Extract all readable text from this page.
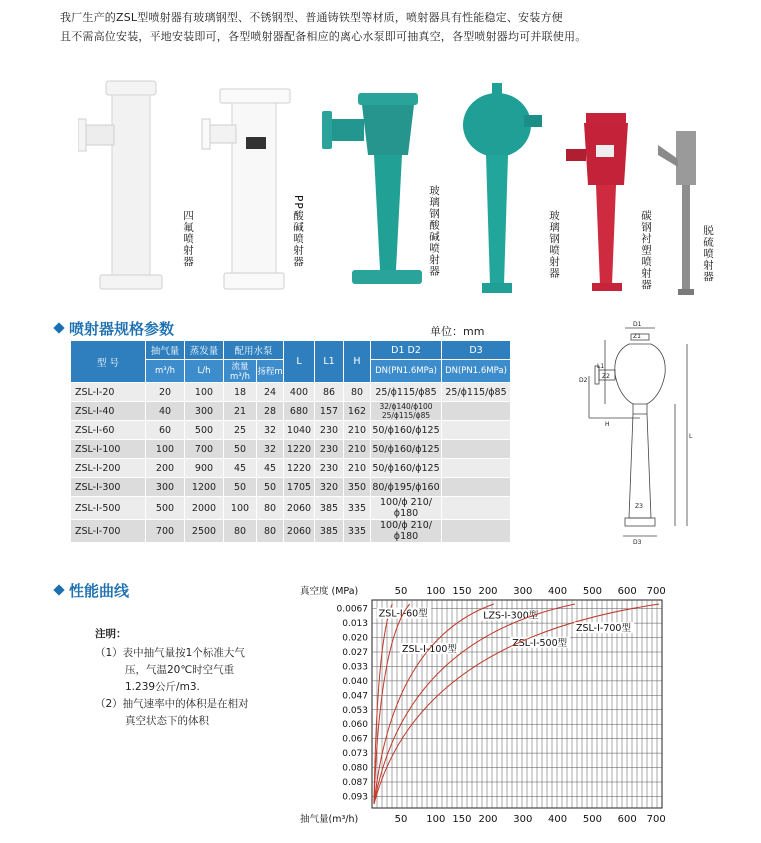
我厂生产的ZSL型喷射器有玻璃钢型、不锈钢型、普通铸铁型等材质，喷射器具有性能稳定、安装方便
且不需高位安装，平地安装即可，各型喷射器配备相应的离心水泵即可抽真空，各型喷射器均可并联使用。
四氟喷射器	PP酸碱喷射器	玻璃钢酸碱喷射器	玻璃钢喷射器	碳钢衬塑喷射器	脱硫喷射器
喷射器规格参数	单位：mm
型 号	抽气量	蒸发量	配用水泵		L	L1	H	D1 D2	D3
	m³/h	L/h	流量m³/h	扬程m				DN(PN1.6MPa)	DN(PN1.6MPa)
ZSL-I-20	20	100	18	24	400	86	80	25/ϕ115/ϕ85	25/ϕ115/ϕ85
ZSL-I-40	40	300	21	28	680	157	162	32/ϕ140/ϕ100
25/ϕ115/ϕ85	

ZSL-I-60	60	500	25	32	1040	230	210	50/ϕ160/ϕ125	
ZSL-I-100	100	700	50	32	1220	230	210	50/ϕ160/ϕ125	
ZSL-I-200	200	900	45	45	1220	230	210	50/ϕ160/ϕ125	
ZSL-I-300	300	1200	50	50	1705	320	350	80/ϕ195/ϕ160	
ZSL-I-500	500	2000	100	80	2060	385	335	100/ϕ 210/ϕ180	
ZSL-I-700	700	2500	80	80	2060	385	335	100/ϕ 210/ϕ180	
D1
Z1
L1
D2
Z2
H
L
Z3
D3
性能曲线
注明：
（1）表中抽气量按1个标准大气
压，气温20℃时空气重
1.239公斤/m3.
（2）抽气速率中的体积是在相对
真空状态下的体积
0.0067
0.013
0.020
0.027
0.033
0.040
0.047
0.053
0.060
0.067
0.073
0.080
0.087
0.093
50
50
100
100
150
150
200
200
300
300
400
400
500
500
600
600
700
700
真空度 (MPa)
抽气量(m³/h)
ZSL-I-60型
ZSL-I-100型
LZS-I-300型
ZSL-I-500型
ZSL-I-700型
